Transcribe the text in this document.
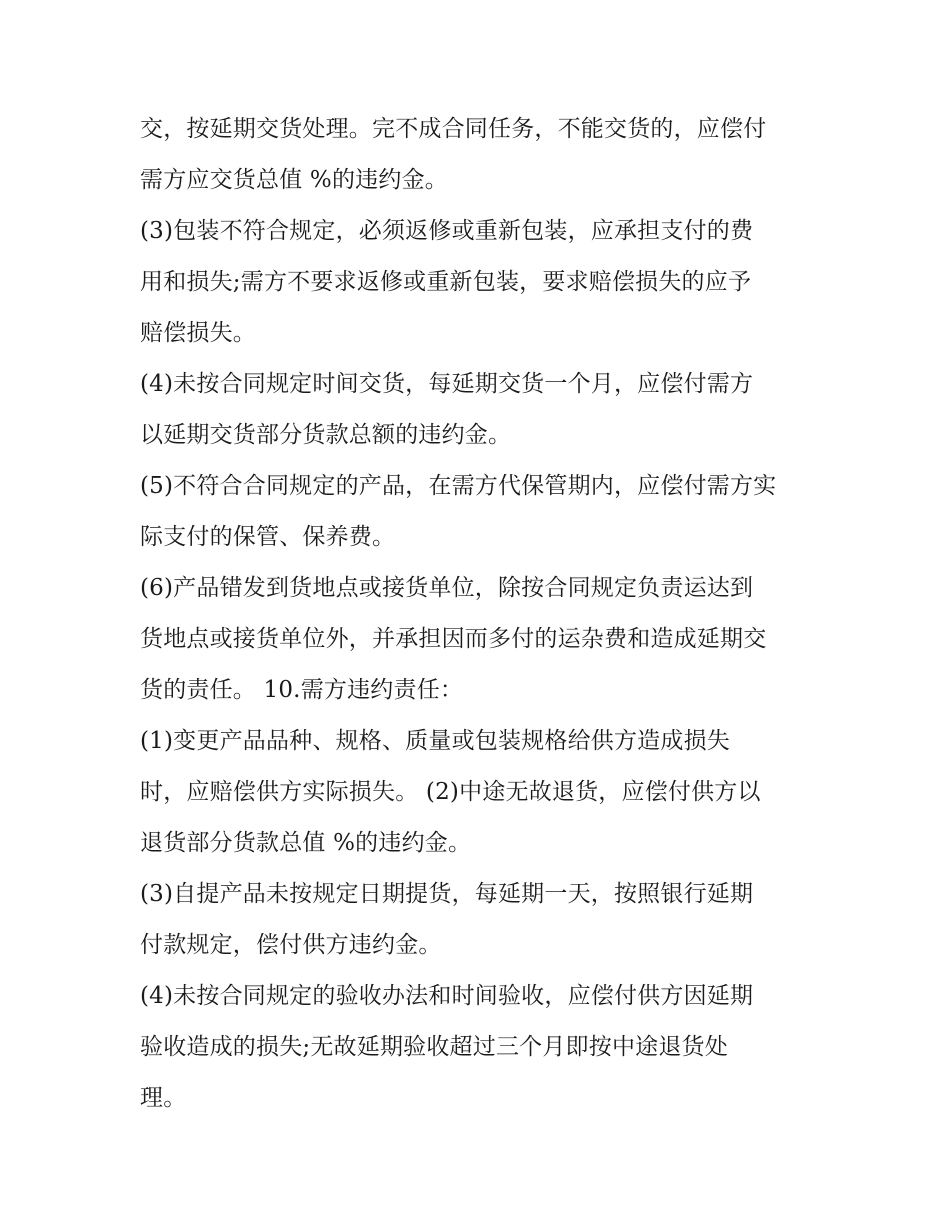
交，按延期交货处理。完不成合同任务，不能交货的，应偿付
需方应交货总值 %的违约金。
(3)包装不符合规定，必须返修或重新包装，应承担支付的费
用和损失;需方不要求返修或重新包装，要求赔偿损失的应予
赔偿损失。
(4)未按合同规定时间交货，每延期交货一个月，应偿付需方
以延期交货部分货款总额的违约金。
(5)不符合合同规定的产品，在需方代保管期内，应偿付需方实
际支付的保管、保养费。
(6)产品错发到货地点或接货单位，除按合同规定负责运达到
货地点或接货单位外，并承担因而多付的运杂费和造成延期交
货的责任。 10.需方违约责任：
(1)变更产品品种、规格、质量或包装规格给供方造成损失
时，应赔偿供方实际损失。 (2)中途无故退货，应偿付供方以
退货部分货款总值 %的违约金。
(3)自提产品未按规定日期提货，每延期一天，按照银行延期
付款规定，偿付供方违约金。
(4)未按合同规定的验收办法和时间验收，应偿付供方因延期
验收造成的损失;无故延期验收超过三个月即按中途退货处
理。
